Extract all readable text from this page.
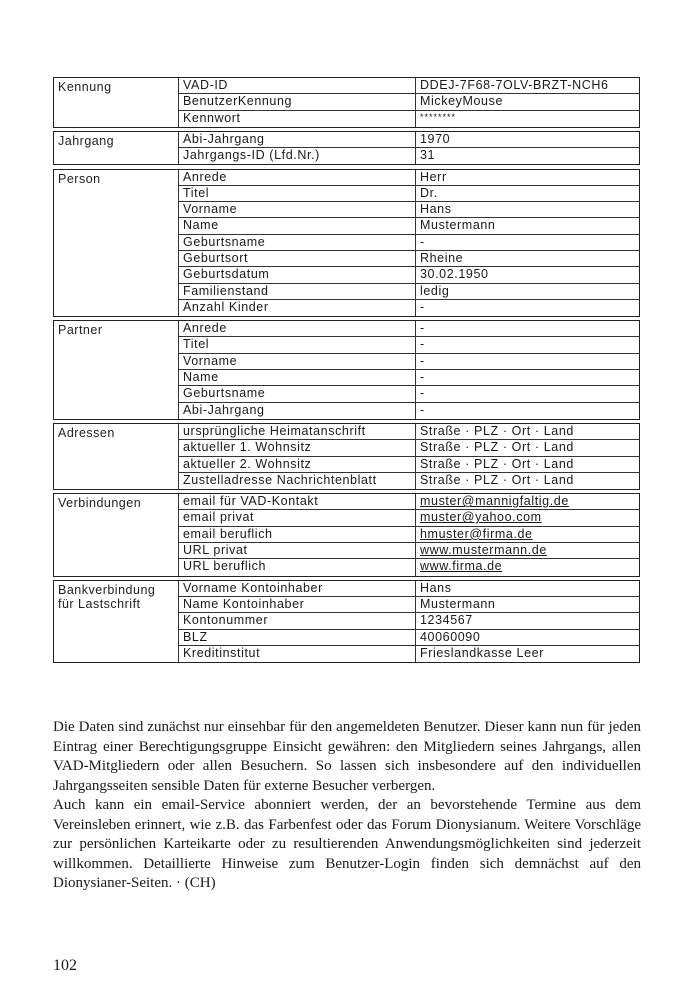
Kennung	VAD-ID	DDEJ-7F68-7OLV-BRZT-NCH6
BenutzerKennung	MickeyMouse
Kennwort	********
Jahrgang	Abi-Jahrgang	1970
Jahrgangs-ID (Lfd.Nr.)	31
Person	Anrede	Herr
Titel	Dr.
Vorname	Hans
Name	Mustermann
Geburtsname	-
Geburtsort	Rheine
Geburtsdatum	30.02.1950
Familienstand	ledig
Anzahl Kinder	-
Partner	Anrede	-
Titel	-
Vorname	-
Name	-
Geburtsname	-
Abi-Jahrgang	-
Adressen	ursprüngliche Heimatanschrift	Straße · PLZ · Ort · Land
aktueller 1. Wohnsitz	Straße · PLZ · Ort · Land
aktueller 2. Wohnsitz	Straße · PLZ · Ort · Land
Zustelladresse Nachrichtenblatt	Straße · PLZ · Ort · Land
Verbindungen	email für VAD-Kontakt	muster@mannigfaltig.de
email privat	muster@yahoo.com
email beruflich	hmuster@firma.de
URL privat	www.mustermann.de
URL beruflich	www.firma.de
Bankverbindung
für Lastschrift
Vorname Kontoinhaber	Hans
Name Kontoinhaber	Mustermann
Kontonummer	1234567
BLZ	40060090
Kreditinstitut	Frieslandkasse Leer

Die Daten sind zunächst nur einsehbar für den angemeldeten Benutzer. Dieser kann nun für jeden Eintrag einer Berechtigungsgruppe Einsicht gewähren: den Mitgliedern seines Jahrgangs, allen VAD-Mitgliedern oder allen Besuchern. So lassen sich insbesondere auf den individuellen Jahrgangsseiten sensible Daten für externe Besucher verbergen.

Auch kann ein email-Service abonniert werden, der an bevorstehende Termine aus dem Vereinsleben erinnert, wie z.B. das Farbenfest oder das Forum Dionysianum. Weitere Vorschläge zur persönlichen Karteikarte oder zu resultierenden Anwendungsmöglichkeiten sind jederzeit willkommen. Detaillierte Hinweise zum Benutzer-Login finden sich demnächst auf den Dionysianer-Seiten. · (CH)

102
